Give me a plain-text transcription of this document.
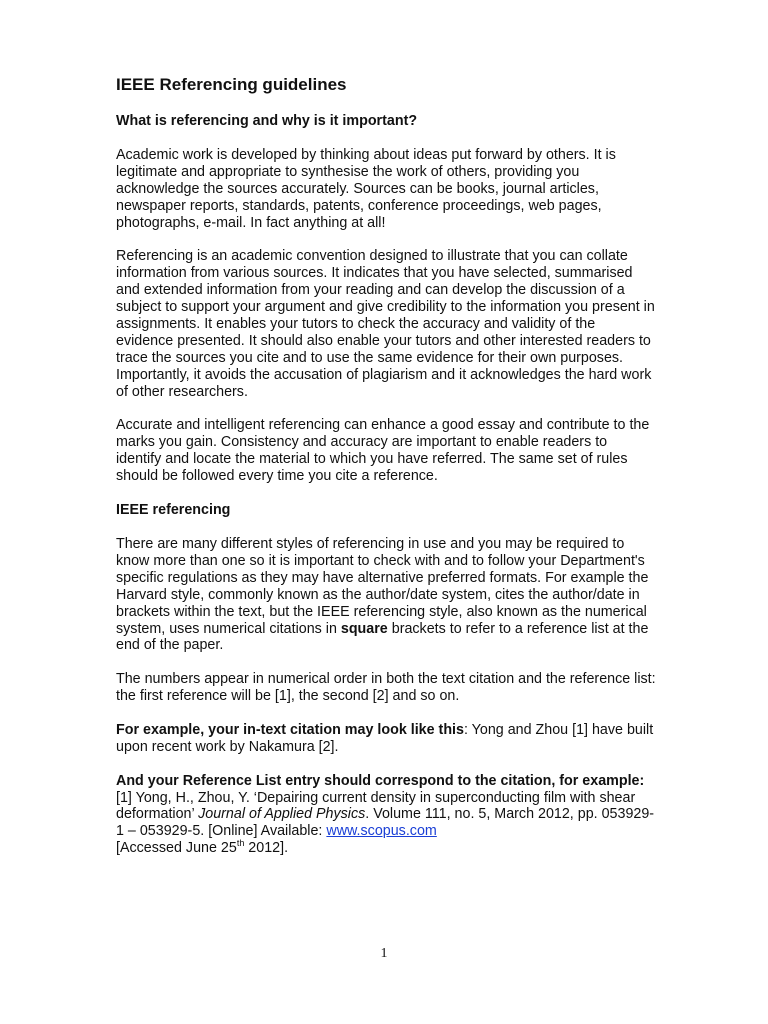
IEEE Referencing guidelines
What is referencing and why is it important?

Academic work is developed by thinking about ideas put forward by others. It is legitimate and appropriate to synthesise the work of others, providing you acknowledge the sources accurately. Sources can be books, journal articles, newspaper reports, standards, patents, conference proceedings, web pages, photographs, e-mail. In fact anything at all!

Referencing is an academic convention designed to illustrate that you can collate information from various sources. It indicates that you have selected, summarised and extended information from your reading and can develop the discussion of a subject to support your argument and give credibility to the information you present in assignments. It enables your tutors to check the accuracy and validity of the evidence presented. It should also enable your tutors and other interested readers to trace the sources you cite and to use the same evidence for their own purposes. Importantly, it avoids the accusation of plagiarism and it acknowledges the hard work of other researchers.

Accurate and intelligent referencing can enhance a good essay and contribute to the marks you gain. Consistency and accuracy are important to enable readers to identify and locate the material to which you have referred. The same set of rules should be followed every time you cite a reference.

IEEE referencing

There are many different styles of referencing in use and you may be required to know more than one so it is important to check with and to follow your Department's specific regulations as they may have alternative preferred formats. For example the Harvard style, commonly known as the author/date system, cites the author/date in brackets within the text, but the IEEE referencing style, also known as the numerical system, uses numerical citations in square brackets to refer to a reference list at the end of the paper.

The numbers appear in numerical order in both the text citation and the reference list: the first reference will be [1], the second [2] and so on.

For example, your in-text citation may look like this: Yong and Zhou [1] have built upon recent work by Nakamura [2].

And your Reference List entry should correspond to the citation, for example:
[1] Yong, H., Zhou, Y. ‘Depairing current density in superconducting film with shear deformation’ Journal of Applied Physics. Volume 111, no. 5, March 2012, pp. 053929-1 – 053929-5. [Online] Available: www.scopus.com
[Accessed June 25th 2012].
1
